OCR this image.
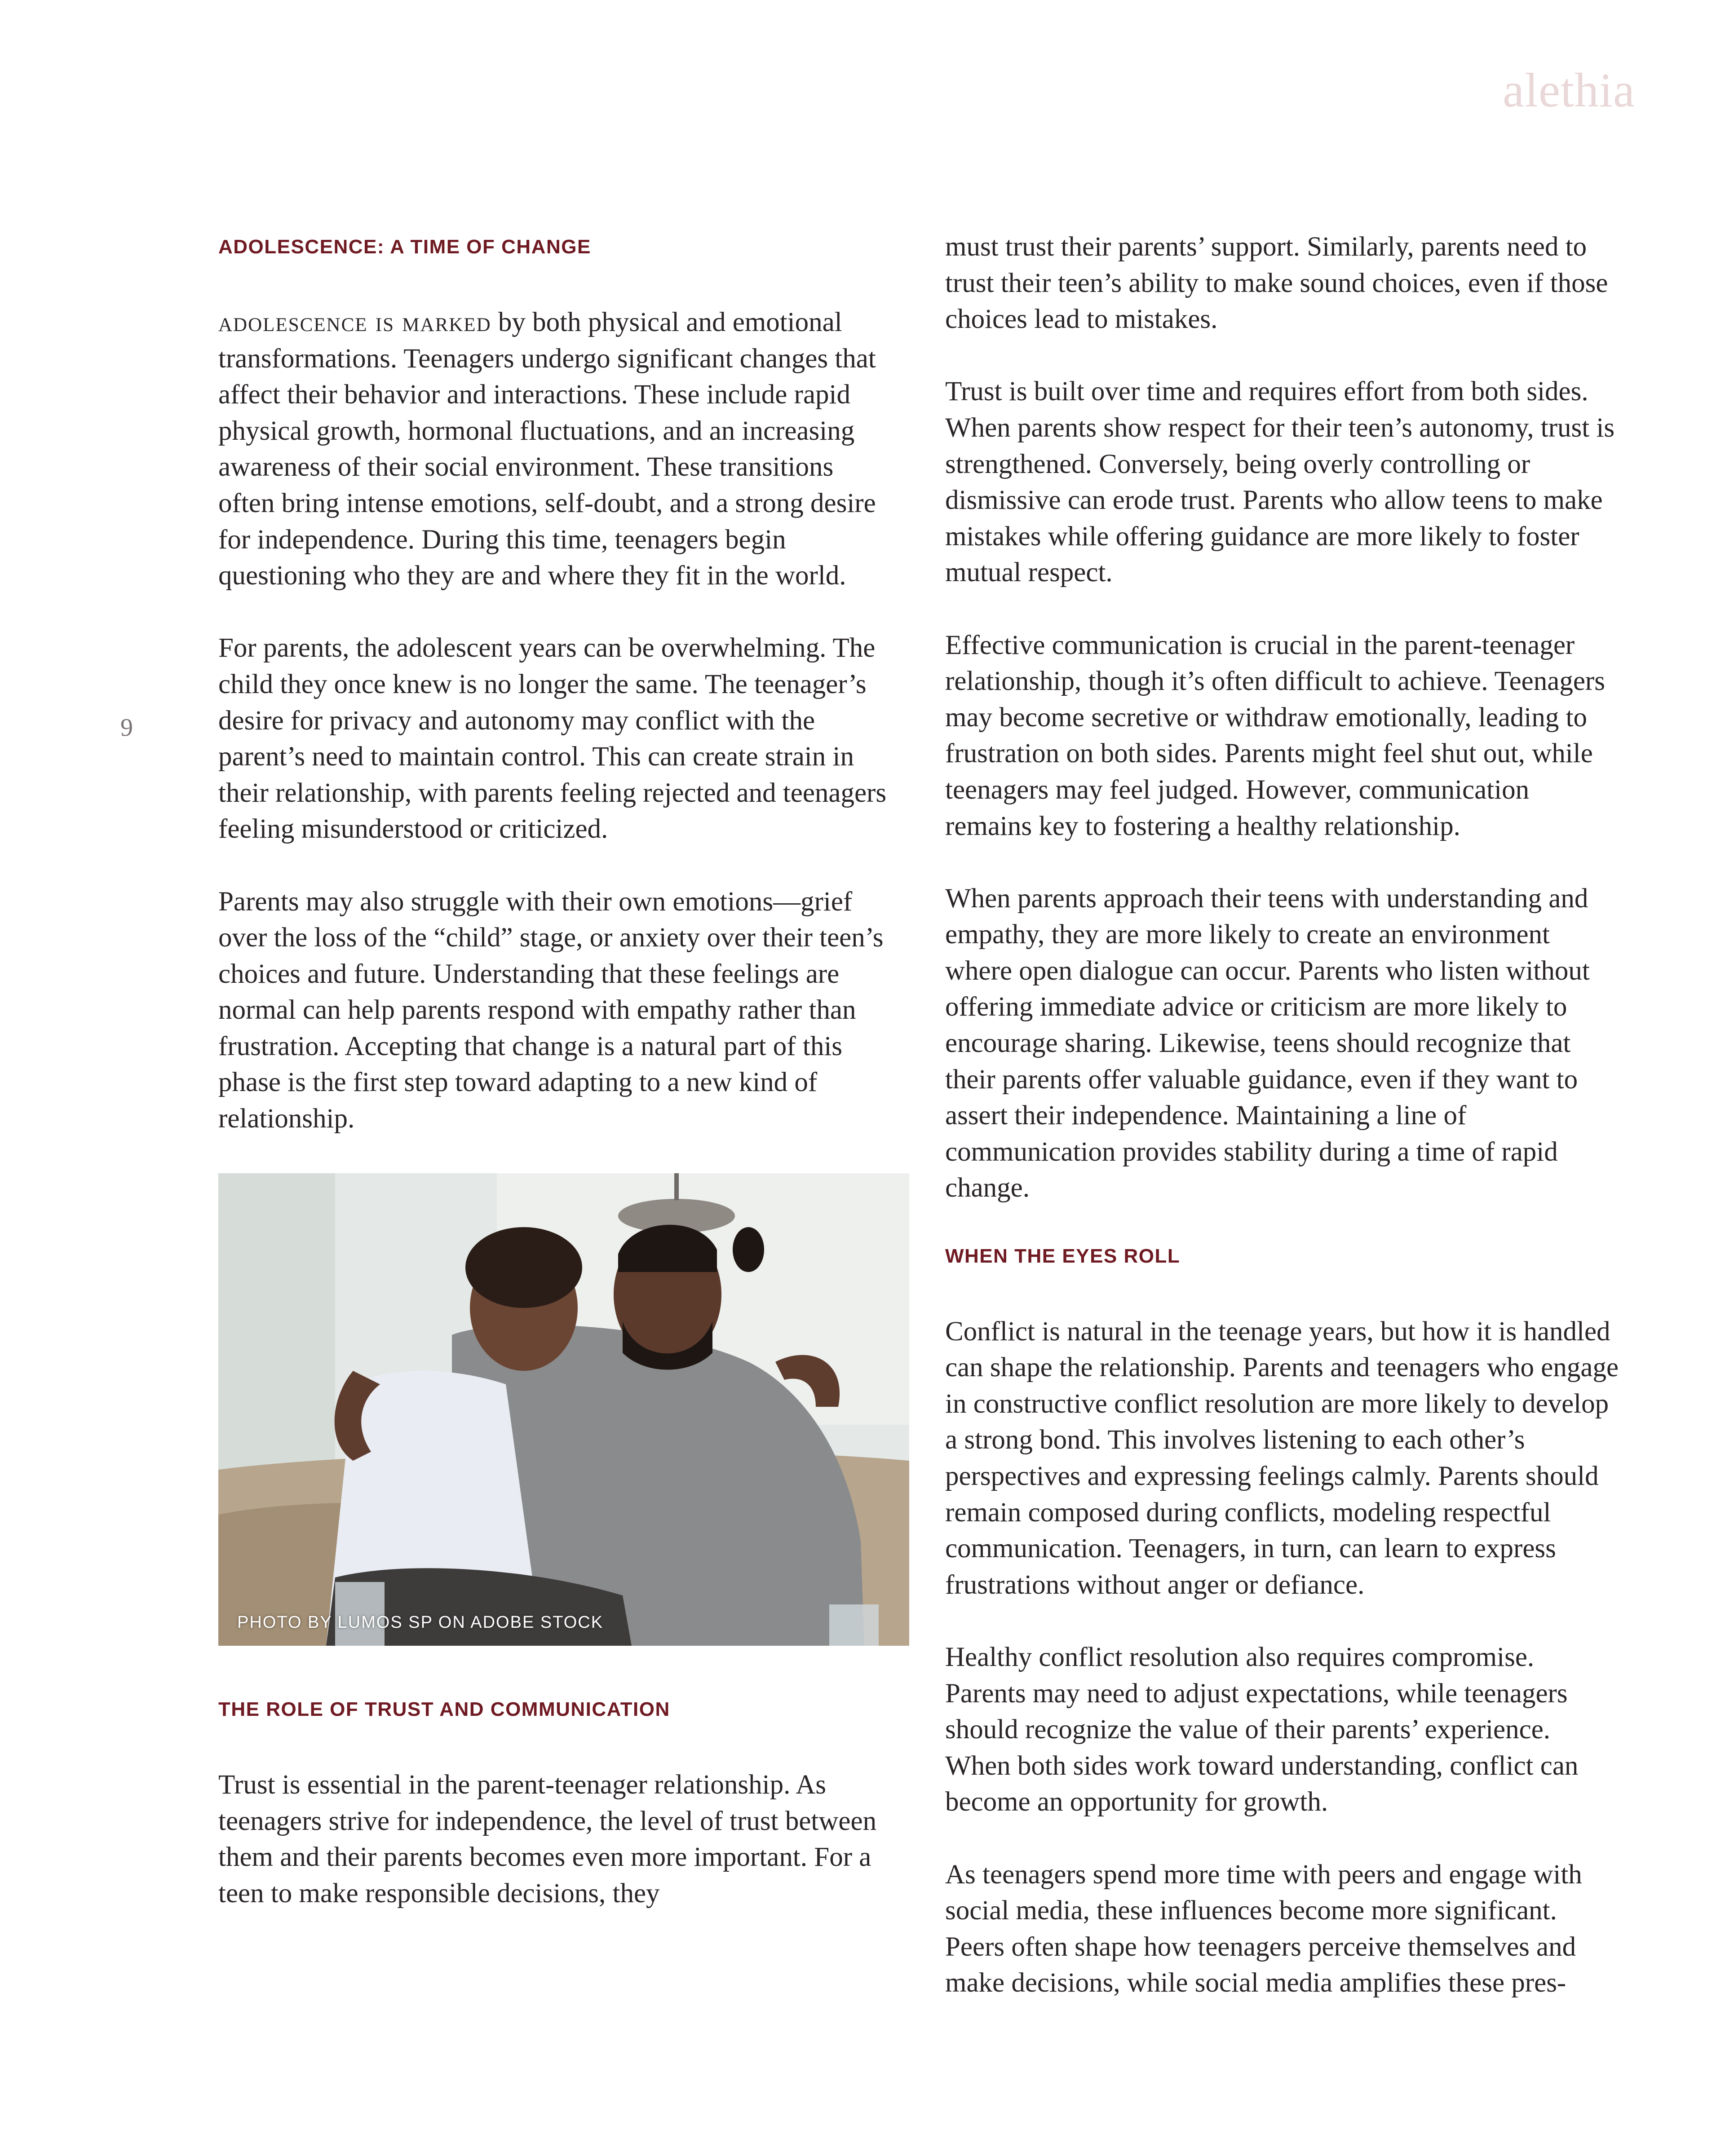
alethia
9
ADOLESCENCE: A TIME OF CHANGE

adolescence is marked by both physical and emotional transformations. Teenagers undergo significant changes that affect their behavior and interactions. These include rapid physical growth, hormonal fluctuations, and an increasing awareness of their social environment. These transitions often bring intense emotions, self-doubt, and a strong desire for independence. During this time, teenagers begin questioning who they are and where they fit in the world.

For parents, the adolescent years can be overwhelming. The child they once knew is no longer the same. The teenager’s desire for privacy and autonomy may conflict with the parent’s need to maintain control. This can create strain in their relationship, with parents feeling rejected and teenagers feeling misunderstood or criticized.

Parents may also struggle with their own emotions—grief over the loss of the “child” stage, or anxiety over their teen’s choices and future. Understanding that these feelings are normal can help parents respond with empathy rather than frustration. Accepting that change is a natural part of this phase is the first step toward adapting to a new kind of relationship.

PHOTO BY LUMOS SP ON ADOBE STOCK
THE ROLE OF TRUST AND COMMUNICATION

Trust is essential in the parent-teenager relationship. As teenagers strive for independence, the level of trust between them and their parents becomes even more important. For a teen to make responsible decisions, they

must trust their parents’ support. Similarly, parents need to trust their teen’s ability to make sound choices, even if those choices lead to mistakes.

Trust is built over time and requires effort from both sides. When parents show respect for their teen’s autonomy, trust is strengthened. Conversely, being overly controlling or dismissive can erode trust. Parents who allow teens to make mistakes while offering guidance are more likely to foster mutual respect.

Effective communication is crucial in the parent-teenager relationship, though it’s often difficult to achieve. Teenagers may become secretive or withdraw emotionally, leading to frustration on both sides. Parents might feel shut out, while teenagers may feel judged. However, communication remains key to fostering a healthy relationship.

When parents approach their teens with understanding and empathy, they are more likely to create an environment where open dialogue can occur. Parents who listen without offering immediate advice or criticism are more likely to encourage sharing. Likewise, teens should recognize that their parents offer valuable guidance, even if they want to assert their independence. Maintaining a line of communication provides stability during a time of rapid change.

WHEN THE EYES ROLL

Conflict is natural in the teenage years, but how it is handled can shape the relationship. Parents and teenagers who engage in constructive conflict resolution are more likely to develop a strong bond. This involves listening to each other’s perspectives and expressing feelings calmly. Parents should remain composed during conflicts, modeling respectful communication. Teenagers, in turn, can learn to express frustrations without anger or defiance.

Healthy conflict resolution also requires compromise. Parents may need to adjust expectations, while teenagers should recognize the value of their parents’ experience. When both sides work toward understanding, conflict can become an opportunity for growth.

As teenagers spend more time with peers and engage with social media, these influences become more significant. Peers often shape how teenagers perceive themselves and make decisions, while social media amplifies these pres-
